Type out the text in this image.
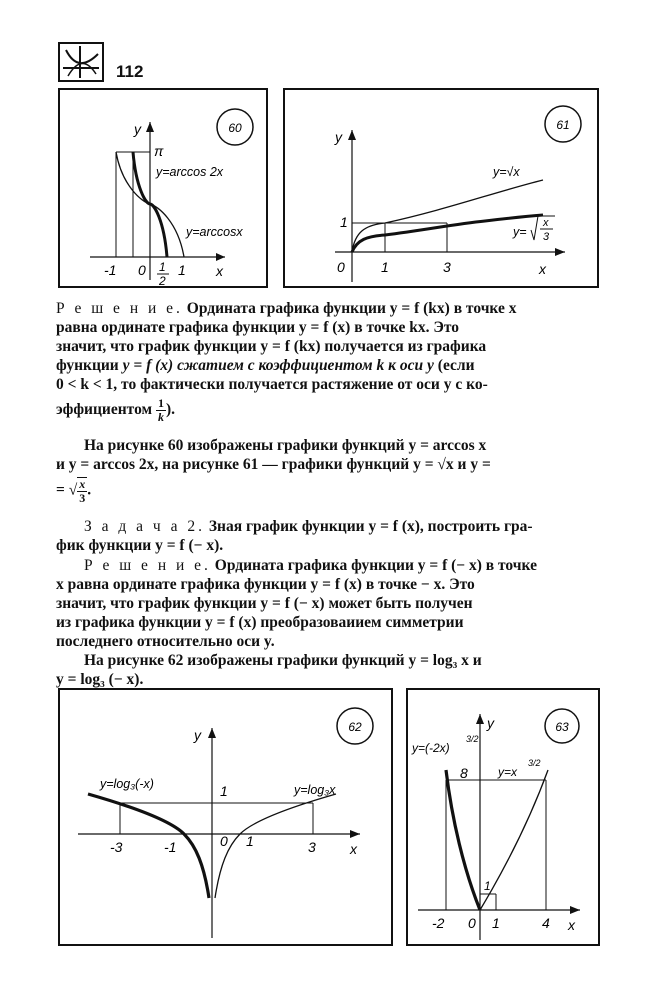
112
60
π
y
x
y=arccos 2x
y=arccosx
-1 0 1
2
1
61
y
x
y=√x
y=
x
3
1
0	1	3

Р е ш е н и е. Ордината графика функции y = f (kx) в точке x

равна ординате графика функции y = f (x) в точке kx. Это

значит, что график функции y = f (kx) получается из графика

функции y = f (x) сжатием с коэффициентом k к оси y (если

0 < k < 1, то фактически получается растяжение от оси y с ко-

эффициентом $\frac{1}{k}$ ).

На рисунке 60 изображены графики функций y = arccos x

и y = arccos 2x, на рисунке 61 — графики функций y = √x и y =

= √ $\frac{x}{3}$ .

З а д а ч а 2. Зная график функции y = f (x), построить гра-

фик функции y = f (− x).

Р е ш е н и е. Ордината графика функции y = f (− x) в точке

x равна ординате графика функции y = f (x) в точке − x. Это

значит, что график функции y = f (− x) может быть получен

из графика функции y = f (x) преобразоваиием симметрии

последнего относительно оси y.

На рисунке 62 изображены графики функций y = log₃ x и

y = log₃ (− x).

62
y
x
y=log₃(-x)	y=log₃x
1
-3	-1	0 1	3
63
y
x
y=(-2x)
3/2
y=x
3/2
8
1
-2 0 1	4
